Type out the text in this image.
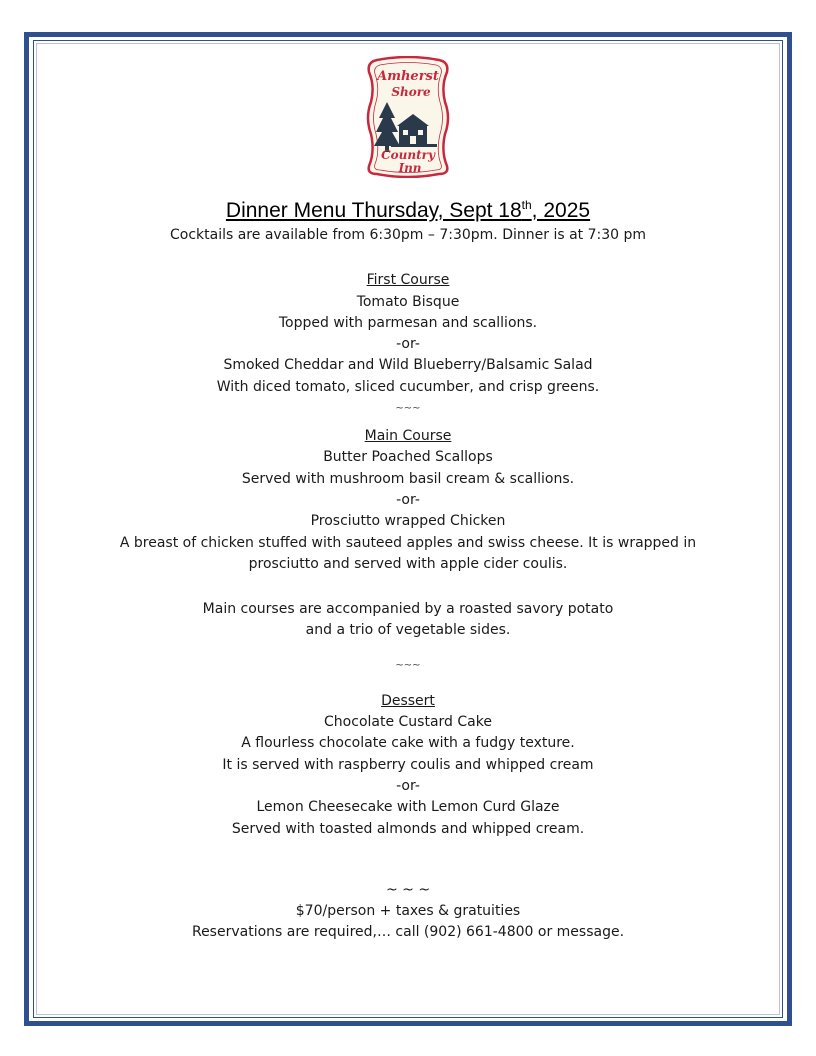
Amherst
Shore
Country
Inn
Dinner Menu Thursday, Sept 18th, 2025

Cocktails are available from 6:30pm – 7:30pm. Dinner is at 7:30 pm

First Course

Tomato Bisque

Topped with parmesan and scallions.

-or-

Smoked Cheddar and Wild Blueberry/Balsamic Salad

With diced tomato, sliced cucumber, and crisp greens.

~~~

Main Course

Butter Poached Scallops

Served with mushroom basil cream & scallions.

-or-

Prosciutto wrapped Chicken

A breast of chicken stuffed with sauteed apples and swiss cheese. It is wrapped in

prosciutto and served with apple cider coulis.

Main courses are accompanied by a roasted savory potato

and a trio of vegetable sides.

~~~

Dessert

Chocolate Custard Cake

A flourless chocolate cake with a fudgy texture.

It is served with raspberry coulis and whipped cream

-or-

Lemon Cheesecake with Lemon Curd Glaze

Served with toasted almonds and whipped cream.

~ ~ ~

$70/person + taxes & gratuities

Reservations are required,… call (902) 661-4800 or message.
